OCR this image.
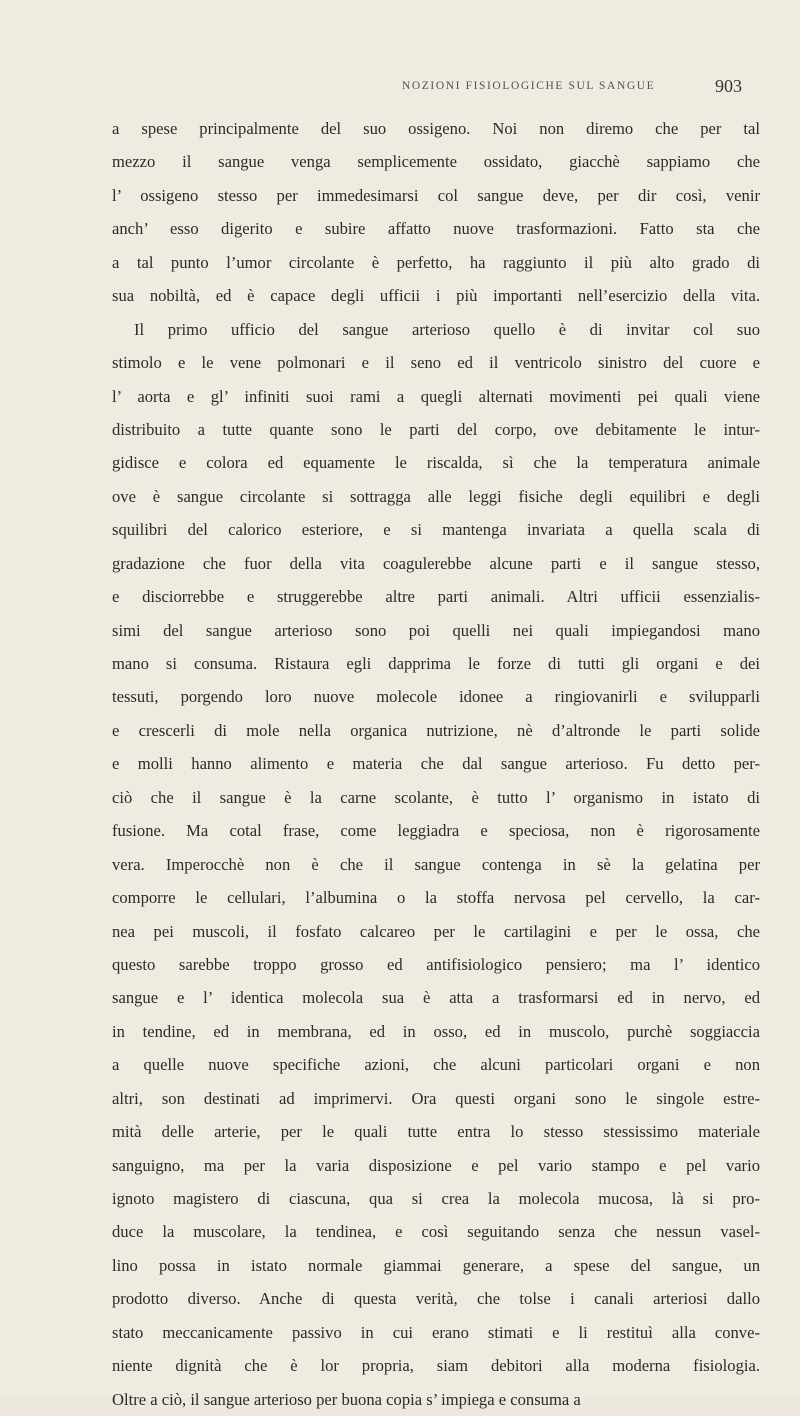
NOZIONI FISIOLOGICHE SUL SANGUE	903
a spese principalmente del suo ossigeno. Noi non diremo che per tal
mezzo il sangue venga semplicemente ossidato, giacchè sappiamo che
l’ ossigeno stesso per immedesimarsi col sangue deve, per dir così, venir
anch’ esso digerito e subire affatto nuove trasformazioni. Fatto sta che
a tal punto l’umor circolante è perfetto, ha raggiunto il più alto grado di
sua nobiltà, ed è capace degli ufficii i più importanti nell’esercizio della vita.
Il primo ufficio del sangue arterioso quello è di invitar col suo
stimolo e le vene polmonari e il seno ed il ventricolo sinistro del cuore e
l’ aorta e gl’ infiniti suoi rami a quegli alternati movimenti pei quali viene
distribuito a tutte quante sono le parti del corpo, ove debitamente le intur-
gidisce e colora ed equamente le riscalda, sì che la temperatura animale
ove è sangue circolante si sottragga alle leggi fisiche degli equilibri e degli
squilibri del calorico esteriore, e si mantenga invariata a quella scala di
gradazione che fuor della vita coagulerebbe alcune parti e il sangue stesso,
e disciorrebbe e struggerebbe altre parti animali. Altri ufficii essenzialis-
simi del sangue arterioso sono poi quelli nei quali impiegandosi mano
mano si consuma. Ristaura egli dapprima le forze di tutti gli organi e dei
tessuti, porgendo loro nuove molecole idonee a ringiovanirli e svilupparli
e crescerli di mole nella organica nutrizione, nè d’altronde le parti solide
e molli hanno alimento e materia che dal sangue arterioso. Fu detto per-
ciò che il sangue è la carne scolante, è tutto l’ organismo in istato di
fusione. Ma cotal frase, come leggiadra e speciosa, non è rigorosamente
vera. Imperocchè non è che il sangue contenga in sè la gelatina per
comporre le cellulari, l’albumina o la stoffa nervosa pel cervello, la car-
nea pei muscoli, il fosfato calcareo per le cartilagini e per le ossa, che
questo sarebbe troppo grosso ed antifisiologico pensiero; ma l’ identico
sangue e l’ identica molecola sua è atta a trasformarsi ed in nervo, ed
in tendine, ed in membrana, ed in osso, ed in muscolo, purchè soggiaccia
a quelle nuove specifiche azioni, che alcuni particolari organi e non
altri, son destinati ad imprimervi. Ora questi organi sono le singole estre-
mità delle arterie, per le quali tutte entra lo stesso stessissimo materiale
sanguigno, ma per la varia disposizione e pel vario stampo e pel vario
ignoto magistero di ciascuna, qua si crea la molecola mucosa, là si pro-
duce la muscolare, la tendinea, e così seguitando senza che nessun vasel-
lino possa in istato normale giammai generare, a spese del sangue, un
prodotto diverso. Anche di questa verità, che tolse i canali arteriosi dallo
stato meccanicamente passivo in cui erano stimati e li restituì alla conve-
niente dignità che è lor propria, siam debitori alla moderna fisiologia.
Oltre a ciò, il sangue arterioso per buona copia s’ impiega e consuma a
